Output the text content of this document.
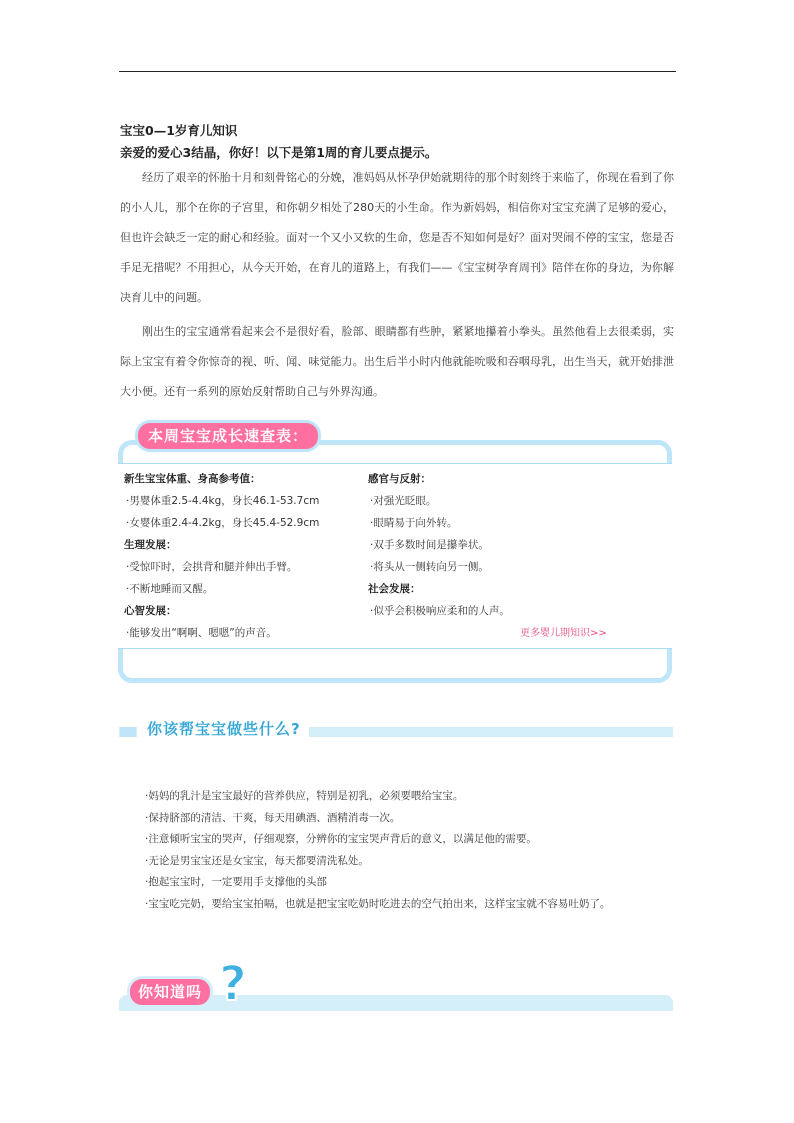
宝宝0—1岁育儿知识
亲爱的爱心3结晶，你好！以下是第1周的育儿要点提示。

经历了艰辛的怀胎十月和刻骨铭心的分娩，准妈妈从怀孕伊始就期待的那个时刻终于来临了，你现在看到了你的小人儿，那个在你的子宫里，和你朝夕相处了280天的小生命。作为新妈妈，相信你对宝宝充满了足够的爱心，但也许会缺乏一定的耐心和经验。面对一个又小又软的生命，您是否不知如何是好？面对哭闹不停的宝宝，您是否手足无措呢？不用担心，从今天开始，在育儿的道路上，有我们——《宝宝树孕育周刊》陪伴在你的身边，为你解决育儿中的问题。

刚出生的宝宝通常看起来会不是很好看，脸部、眼睛都有些肿，紧紧地攥着小拳头。虽然他看上去很柔弱，实际上宝宝有着令你惊奇的视、听、闻、味觉能力。出生后半小时内他就能吮吸和吞咽母乳，出生当天，就开始排泄大小便。还有一系列的原始反射帮助自己与外界沟通。

本周宝宝成长速查表：
新生宝宝体重、身高参考值：
·男婴体重2.5-4.4kg，身长46.1-53.7cm
·女婴体重2.4-4.2kg，身长45.4-52.9cm
生理发展：
·受惊吓时，会拱背和腿并伸出手臂。
·不断地睡而又醒。
心智发展：
·能够发出“啊啊、嗯嗯”的声音。
感官与反射：
·对强光眨眼。
·眼睛易于向外转。
·双手多数时间是攥拳状。
·将头从一侧转向另一侧。
社会发展：
·似乎会积极响应柔和的人声。
更多婴儿期知识>>
你该帮宝宝做些什么?
·妈妈的乳汁是宝宝最好的营养供应，特别是初乳，必须要喂给宝宝。
·保持脐部的清洁、干爽，每天用碘酒、酒精消毒一次。
·注意倾听宝宝的哭声，仔细观察，分辨你的宝宝哭声背后的意义，以满足他的需要。
·无论是男宝宝还是女宝宝，每天都要清洗私处。
·抱起宝宝时，一定要用手支撑他的头部
·宝宝吃完奶，要给宝宝拍嗝，也就是把宝宝吃奶时吃进去的空气拍出来，这样宝宝就不容易吐奶了。
你知道吗 ?
